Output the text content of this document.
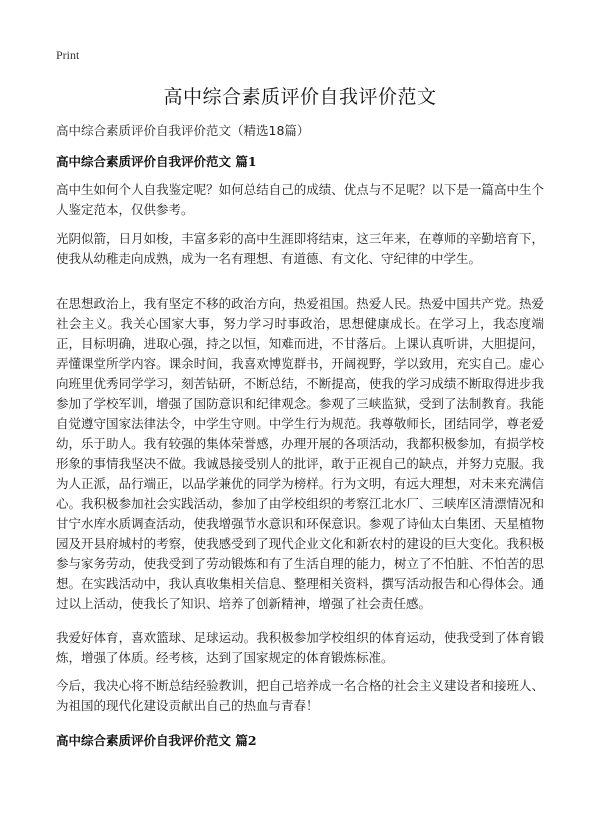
Print
高中综合素质评价自我评价范文
高中综合素质评价自我评价范文（精选18篇）
高中综合素质评价自我评价范文 篇1

高中生如何个人自我鉴定呢？如何总结自己的成绩、优点与不足呢？以下是一篇高中生个人鉴定范本，仅供参考。

光阴似箭，日月如梭，丰富多彩的高中生涯即将结束，这三年来，在尊师的辛勤培育下，使我从幼稚走向成熟，成为一名有理想、有道德、有文化、守纪律的中学生。

在思想政治上，我有坚定不移的政治方向，热爱祖国。热爱人民。热爱中国共产党。热爱社会主义。我关心国家大事，努力学习时事政治，思想健康成长。在学习上，我态度端正，目标明确，进取心强，持之以恒，知难而进，不甘落后。上课认真听讲，大胆提问，弄懂课堂所学内容。课余时间，我喜欢博览群书，开阔视野，学以致用，充实自己。虚心向班里优秀同学学习，刻苦钻研，不断总结，不断提高，使我的学习成绩不断取得进步我参加了学校军训，增强了国防意识和纪律观念。参观了三峡监狱，受到了法制教育。我能自觉遵守国家法律法令，中学生守则。中学生行为规范。我尊敬师长，团结同学，尊老爱幼，乐于助人。我有较强的集体荣誉感，办理开展的各项活动，我都积极参加，有损学校形象的事情我坚决不做。我诚恳接受别人的批评，敢于正视自己的缺点，并努力克服。我为人正派，品行端正，以品学兼优的同学为榜样。行为文明，有远大理想，对未来充满信心。我积极参加社会实践活动，参加了由学校组织的考察江北水厂、三峡库区清漂情况和甘宁水库水质调查活动，使我增强节水意识和环保意识。参观了诗仙太白集团、天星植物园及开县府城村的考察，使我感受到了现代企业文化和新农村的建设的巨大变化。我积极参与家务劳动，使我受到了劳动锻炼和有了生活自理的能力，树立了不怕脏、不怕苦的思想。在实践活动中，我认真收集相关信息、整理相关资料，撰写活动报告和心得体会。通过以上活动，使我长了知识、培养了创新精神，增强了社会责任感。

我爱好体育，喜欢篮球、足球运动。我积极参加学校组织的体育运动，使我受到了体育锻炼，增强了体质。经考核，达到了国家规定的体育锻炼标准。

今后，我决心将不断总结经验教训，把自己培养成一名合格的社会主义建设者和接班人、为祖国的现代化建设贡献出自己的热血与青春！

高中综合素质评价自我评价范文 篇2
